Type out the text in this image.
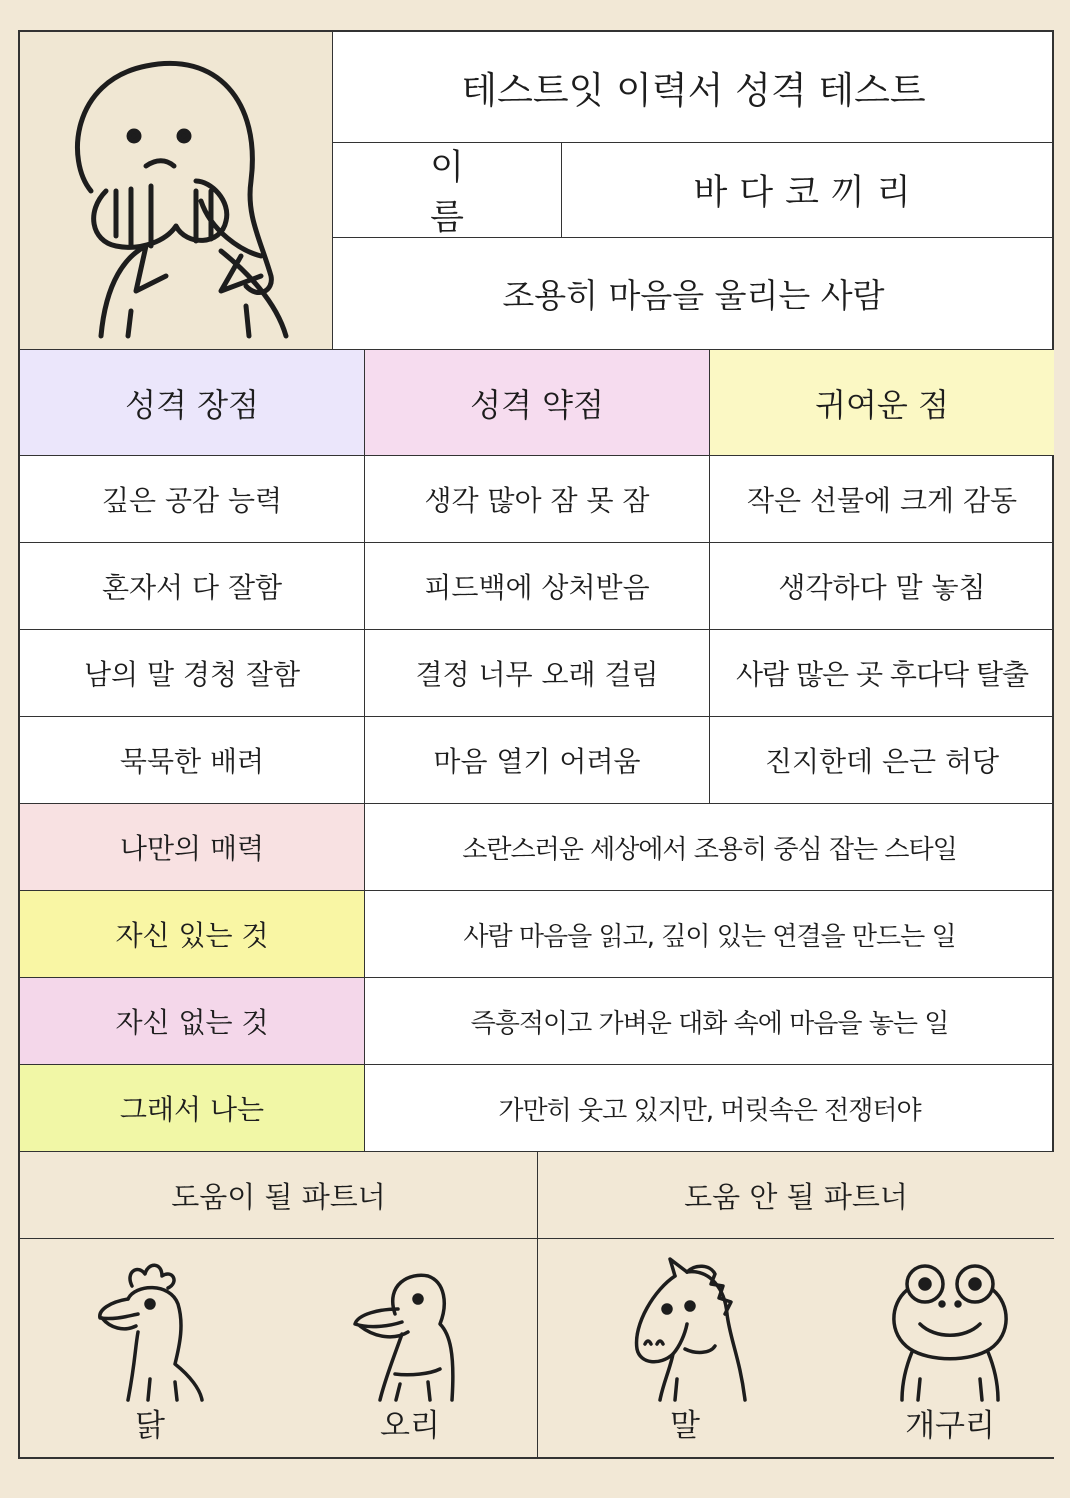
테스트잇 이력서 성격 테스트
이 름
바다코끼리
조용히 마음을 울리는 사람
성격 장점	성격 약점	귀여운 점
깊은 공감 능력	생각 많아 잠 못 잠	작은 선물에 크게 감동
혼자서 다 잘함	피드백에 상처받음	생각하다 말 놓침
남의 말 경청 잘함	결정 너무 오래 걸림	사람 많은 곳 후다닥 탈출
묵묵한 배려	마음 열기 어려움	진지한데 은근 허당
나만의 매력	소란스러운 세상에서 조용히 중심 잡는 스타일
자신 있는 것	사람 마음을 읽고, 깊이 있는 연결을 만드는 일
자신 없는 것	즉흥적이고 가벼운 대화 속에 마음을 놓는 일
그래서 나는	가만히 웃고 있지만, 머릿속은 전쟁터야
도움이 될 파트너	도움 안 될 파트너
닭	오리	말	개구리
